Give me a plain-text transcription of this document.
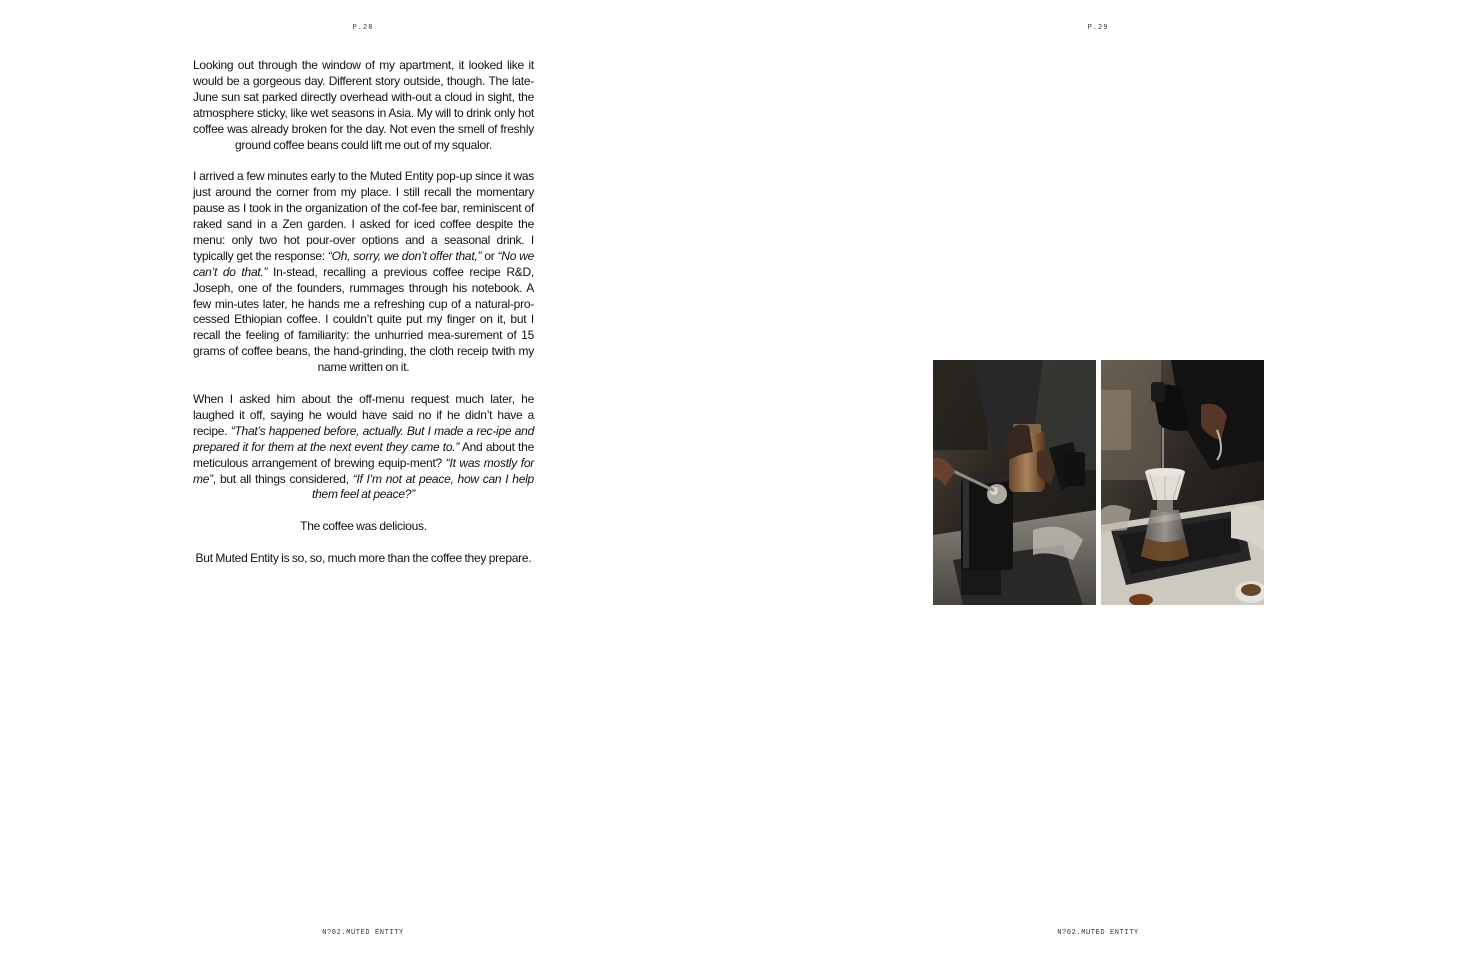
P.28

Looking out through the window of my apartment, it looked like it would be a gorgeous day. Different story outside, though. The late-June sun sat parked directly overhead with-out a cloud in sight, the atmosphere sticky, like wet seasons in Asia. My will to drink only hot coffee was already broken for the day. Not even the smell of freshly ground coffee beans could lift me out of my squalor.

I arrived a few minutes early to the Muted Entity pop-up since it was just around the corner from my place. I still recall the momentary pause as I took in the organization of the cof-fee bar, reminiscent of raked sand in a Zen garden. I asked for iced coffee despite the menu: only two hot pour-over options and a seasonal drink. I typically get the response: “Oh, sorry, we don’t offer that,” or “No we can’t do that.” In-stead, recalling a previous coffee recipe R&D, Joseph, one of the founders, rummages through his notebook. A few min-utes later, he hands me a refreshing cup of a natural-pro-cessed Ethiopian coffee. I couldn’t quite put my finger on it, but I recall the feeling of familiarity: the unhurried mea-surement of 15 grams of coffee beans, the hand-grinding, the cloth receip twith my name written on it.

When I asked him about the off-menu request much later, he laughed it off, saying he would have said no if he didn’t have a recipe. “That’s happened before, actually. But I made a rec-ipe and prepared it for them at the next event they came to.” And about the meticulous arrangement of brewing equip-ment? “It was mostly for me”, but all things considered, “If I’m not at peace, how can I help them feel at peace?”

The coffee was delicious.

But Muted Entity is so, so, much more than the coffee they prepare.

N?02.MUTED ENTITY
P.29
N?02.MUTED ENTITY
